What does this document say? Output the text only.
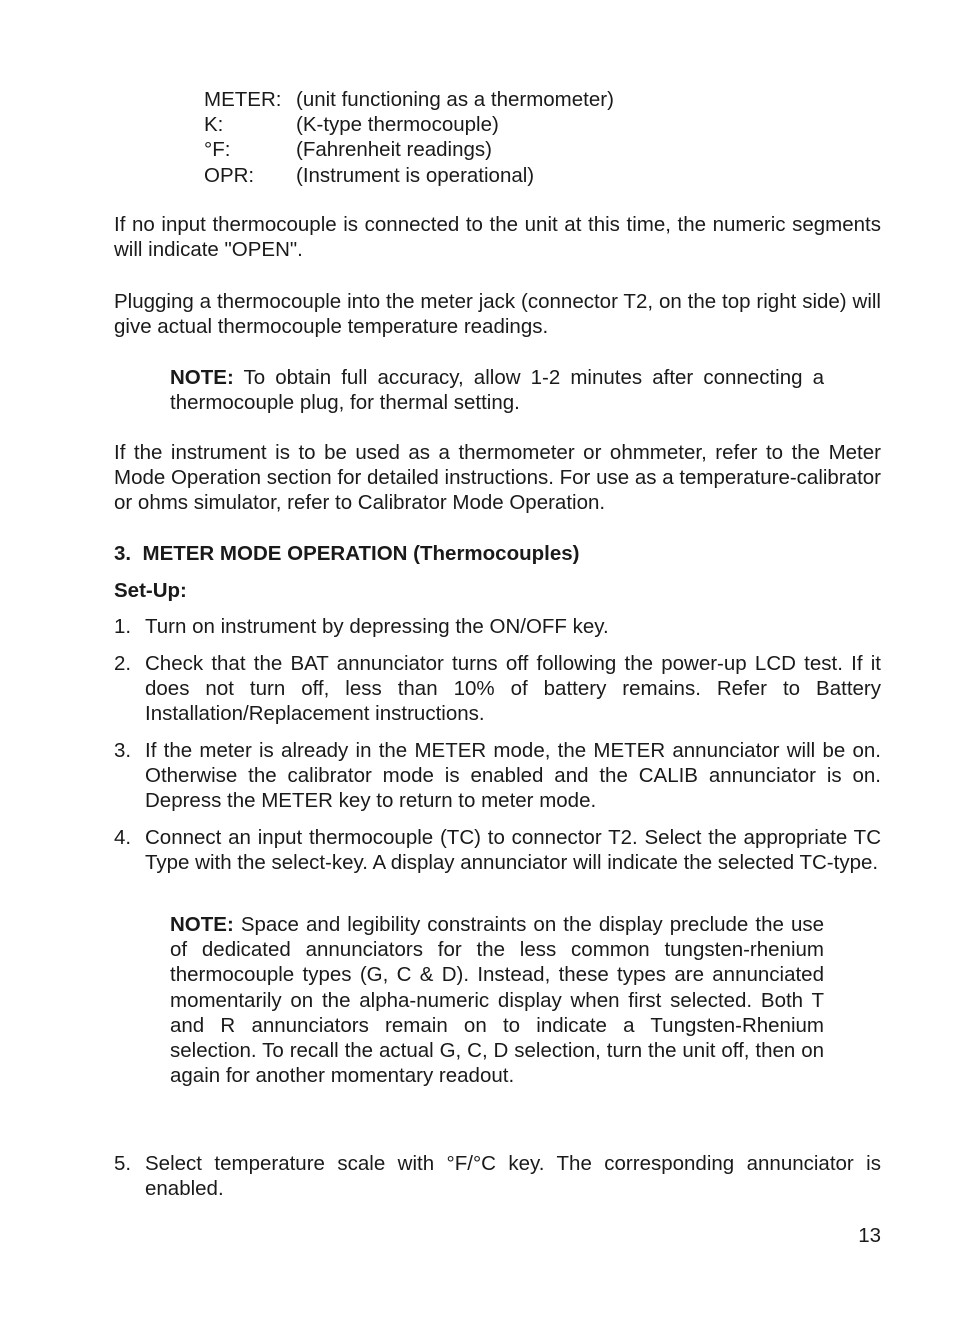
METER: (unit functioning as a thermometer)
K:	(K-type thermocouple)
°F:	(Fahrenheit readings)
OPR:	(Instrument is operational)

If no input thermocouple is connected to the unit at this time, the numeric segments will indicate "OPEN".

Plugging a thermocouple into the meter jack (connector T2, on the top right side) will give actual thermocouple temperature readings.

NOTE: To obtain full accuracy, allow 1-2 minutes after connecting a thermocouple plug, for thermal setting.

If the instrument is to be used as a thermometer or ohmmeter, refer to the Meter Mode Operation section for detailed instructions. For use as a temperature-calibrator or ohms simulator, refer to Calibrator Mode Operation.

3.  METER MODE OPERATION (Thermocouples)

Set-Up:

1. Turn on instrument by depressing the ON/OFF key.
2. Check that the BAT annunciator turns off following the power-up LCD test. If it does not turn off, less than 10% of battery remains. Refer to Battery Installation/Replacement instructions.
3. If the meter is already in the METER mode, the METER annunciator will be on. Otherwise the calibrator mode is enabled and the CALIB annunciator is on. Depress the METER key to return to meter mode.
4. Connect an input thermocouple (TC) to connector T2. Select the appropriate TC Type with the select-key. A display annunciator will indicate the selected TC-type.

NOTE: Space and legibility constraints on the display preclude the use of dedicated annunciators for the less common tungsten-rhenium thermocouple types (G, C & D). Instead, these types are annunciated momentarily on the alpha-numeric display when first selected. Both T and R annunciators remain on to indicate a Tungsten-Rhenium selection. To recall the actual G, C, D selection, turn the unit off, then on again for another momentary readout.

5. Select temperature scale with °F/°C key. The corresponding annunciator is enabled.
13
